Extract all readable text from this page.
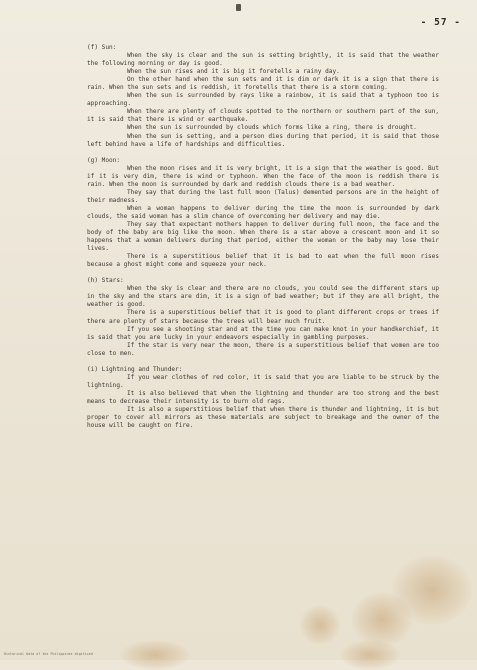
- 57 -

(f) Sun:

When the sky is clear and the sun is setting brightly, it is said that the weather the following morning or day is good.

When the sun rises and it is big it foretells a rainy day.

On the other hand when the sun sets and it is dim or dark it is a sign that there is rain. When the sun sets and is reddish, it foretells that there is a storm coming.

When the sun is surrounded by rays like a rainbow, it is said that a typhoon too is approaching.

When there are plenty of clouds spotted to the northern or southern part of the sun, it is said that there is wind or earthquake.

When the sun is surrounded by clouds which forms like a ring, there is drought.

When the sun is setting, and a person dies during that period, it is said that those left behind have a life of hardships and difficulties.

(g) Moon:

When the moon rises and it is very bright, it is a sign that the weather is good. But if it is very dim, there is wind or typhoon. When the face of the moon is reddish there is rain. When the moon is surrounded by dark and reddish clouds there is a bad weather.

They say that during the last full moon (Talus) demented persons are in the height of their madness.

When a woman happens to deliver during the time the moon is surrounded by dark clouds, the said woman has a slim chance of overcoming her delivery and may die.

They say that expectant mothers happen to deliver during full moon, the face and the body of the baby are big like the moon. When there is a star above a crescent moon and it so happens that a woman delivers during that period, either the woman or the baby may lose their lives.

There is a superstitious belief that it is bad to eat when the full moon rises because a ghost might come and squeeze your neck.

(h) Stars:

When the sky is clear and there are no clouds, you could see the different stars up in the sky and the stars are dim, it is a sign of bad weather; but if they are all bright, the weather is good.

There is a superstitious belief that it is good to plant different crops or trees if there are plenty of stars because the trees will bear much fruit.

If you see a shooting star and at the time you can make knot in your handkerchief, it is said that you are lucky in your endeavors especially in gambling purposes.

If the star is very near the moon, there is a superstitious belief that women are too close to men.

(i) Lightning and Thunder:

If you wear clothes of red color, it is said that you are liable to be struck by the lightning.

It is also believed that when the lightning and thunder are too strong and the best means to decrease their intensity is to burn old rags.

It is also a superstitious belief that when there is thunder and lightning, it is but proper to cover all mirrors as these materials are subject to breakage and the owner of the house will be caught on fire.

Historical Data of the Philippines digitized
